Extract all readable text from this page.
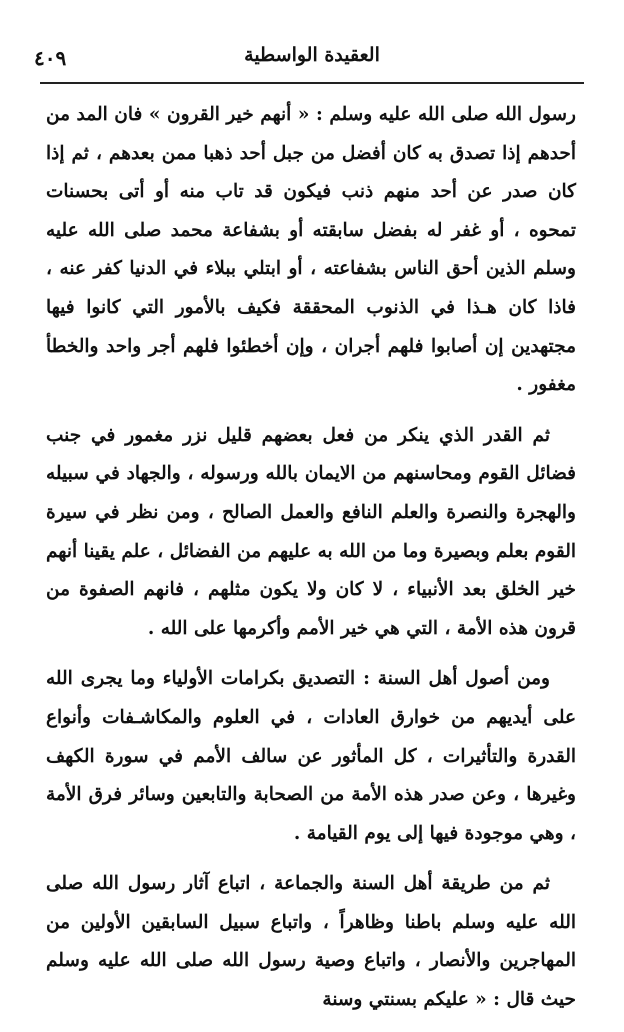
العقيدة الواسطية
٤٠٩

رسول الله صلى الله عليه وسلم : « أنهم خير القرون » فان المد من أحدهم إذا تصدق به كان أفضل من جبل أحد ذهبا ممن بعدهم ، ثم إذا كان صدر عن أحد منهم ذنب فيكون قد تاب منه أو أتى بحسنات تمحوه ، أو غفر له بفضل سابقته أو بشفاعة محمد صلى الله عليه وسلم الذين أحق الناس بشفاعته ، أو ابتلي ببلاء في الدنيا كفر عنه ، فاذا كان هـذا في الذنوب المحققة فكيف بالأمور التي كانوا فيها مجتهدين إن أصابوا فلهم أجران ، وإن أخطئوا فلهم أجر واحد والخطأ مغفور .

ثم القدر الذي ينكر من فعل بعضهم قليل نزر مغمور في جنب فضائل القوم ومحاسنهم من الايمان بالله ورسوله ، والجهاد في سبيله والهجرة والنصرة والعلم النافع والعمل الصالح ، ومن نظر في سيرة القوم بعلم وبصيرة وما من الله به عليهم من الفضائل ، علم يقينا أنهم خير الخلق بعد الأنبياء ، لا كان ولا يكون مثلهم ، فانهم الصفوة من قرون هذه الأمة ، التي هي خير الأمم وأكرمها على الله .

ومن أصول أهل السنة : التصديق بكرامات الأولياء وما يجرى الله على أيديهم من خوارق العادات ، في العلوم والمكاشـفات وأنواع القدرة والتأثيرات ، كل المأثور عن سالف الأمم في سورة الكهف وغيرها ، وعن صدر هذه الأمة من الصحابة والتابعين وسائر فرق الأمة ، وهي موجودة فيها إلى يوم القيامة .

ثم من طريقة أهل السنة والجماعة ، اتباع آثار رسول الله صلى الله عليه وسلم باطنا وظاهراً ، واتباع سبيل السابقين الأولين من المهاجرين والأنصار ، واتباع وصية رسول الله صلى الله عليه وسلم حيث قال : « عليكم بسنتي وسنة
